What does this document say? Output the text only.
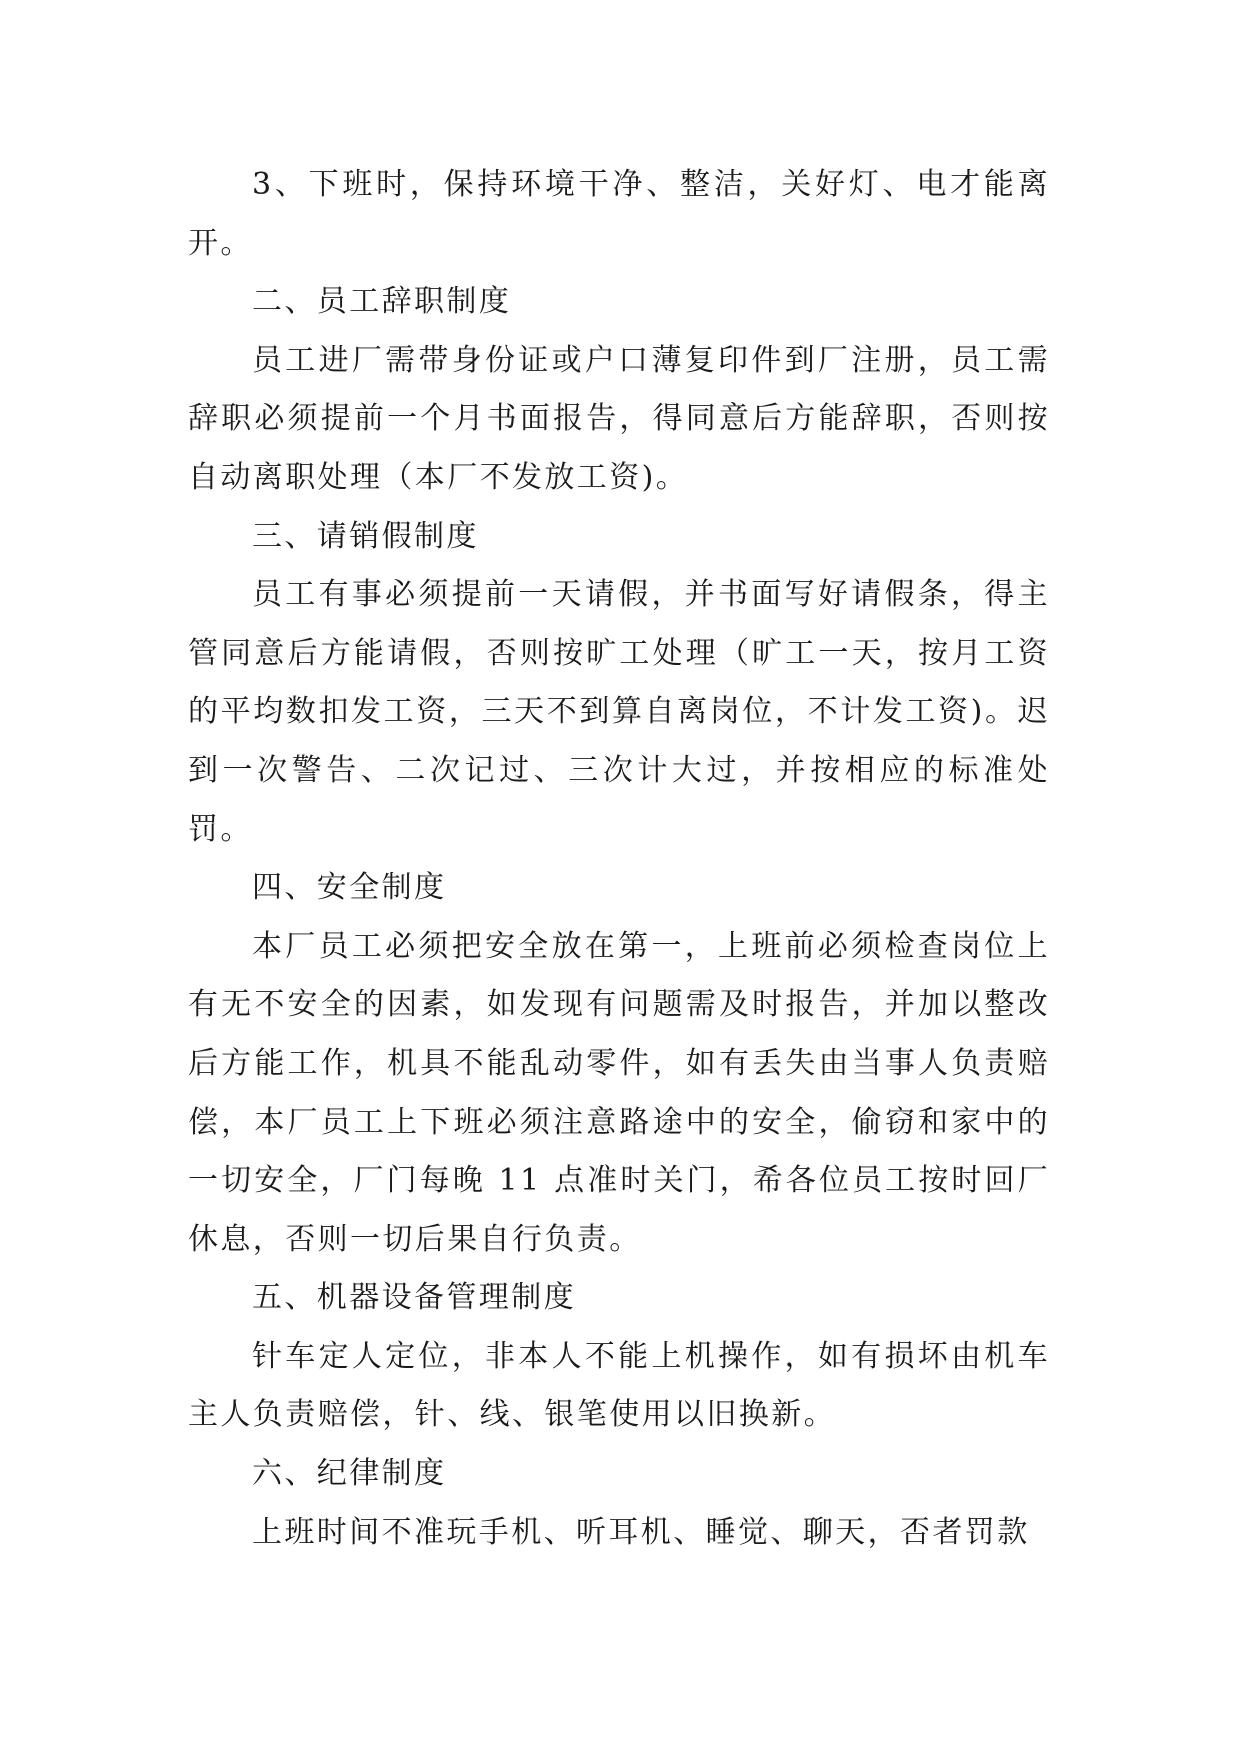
3、下班时，保持环境干净、整洁，关好灯、电才能离开。

二、员工辞职制度

员工进厂需带身份证或户口薄复印件到厂注册，员工需辞职必须提前一个月书面报告，得同意后方能辞职，否则按自动离职处理（本厂不发放工资)。

三、请销假制度

员工有事必须提前一天请假，并书面写好请假条，得主管同意后方能请假，否则按旷工处理（旷工一天，按月工资的平均数扣发工资，三天不到算自离岗位，不计发工资)。迟到一次警告、二次记过、三次计大过，并按相应的标准处罚。

四、安全制度

本厂员工必须把安全放在第一，上班前必须检查岗位上有无不安全的因素，如发现有问题需及时报告，并加以整改后方能工作，机具不能乱动零件，如有丢失由当事人负责赔偿，本厂员工上下班必须注意路途中的安全，偷窃和家中的一切安全，厂门每晚 11 点准时关门，希各位员工按时回厂休息，否则一切后果自行负责。

五、机器设备管理制度

针车定人定位，非本人不能上机操作，如有损坏由机车主人负责赔偿，针、线、银笔使用以旧换新。

六、纪律制度

上班时间不准玩手机、听耳机、睡觉、聊天，否者罚款
